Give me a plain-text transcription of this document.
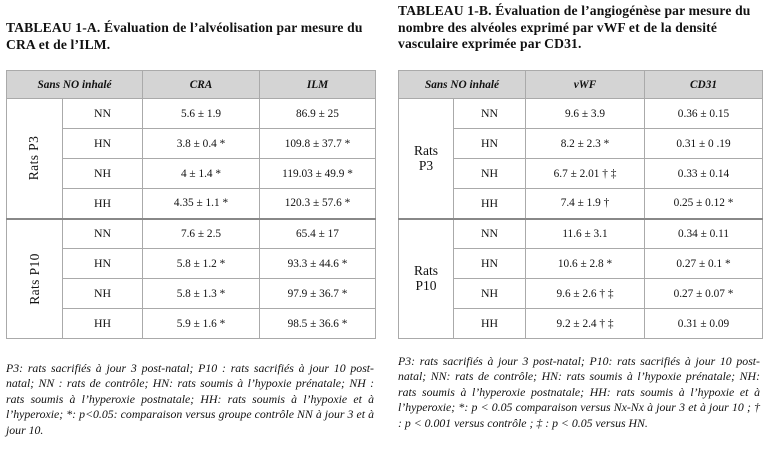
TABLEAU 1-A. Évaluation de l’alvéolisation par mesure du CRA et de l’ILM.

Sans NO inhalé		CRA	ILM
Rats P3	NN	5.6 ± 1.9	86.9 ± 25
	HN	3.8 ± 0.4 *	109.8 ± 37.7 *
	NH	4 ± 1.4 *	119.03 ± 49.9 *
	HH	4.35 ± 1.1 *	120.3 ± 57.6 *
Rats P10	NN	7.6 ± 2.5	65.4 ± 17
	HN	5.8 ± 1.2 *	93.3 ± 44.6 *
	NH	5.8 ± 1.3 *	97.9 ± 36.7 *
	HH	5.9 ± 1.6 *	98.5 ± 36.6 *

P3: rats sacrifiés à jour 3 post-natal; P10 : rats sacrifiés à jour 10 post-natal; NN : rats de contrôle; HN: rats soumis à l’hypoxie prénatale; NH : rats soumis à l’hyperoxie postnatale; HH: rats soumis à l’hypoxie et à l’hyperoxie; *: p<0.05: comparaison versus groupe contrôle NN à jour 3 et à jour 10.

TABLEAU 1-B. Évaluation de l’angiogénèse par mesure du nombre des alvéoles exprimé par vWF et de la densité vasculaire exprimée par CD31.

Sans NO inhalé		vWF	CD31
Rats
P3	NN	9.6 ± 3.9	0.36 ± 0.15
	HN	8.2 ± 2.3 *	0.31 ± 0 .19
	NH	6.7 ± 2.01 † ‡	0.33 ± 0.14
	HH	7.4 ± 1.9 †	0.25 ± 0.12 *
Rats
P10	NN	11.6 ± 3.1	0.34 ± 0.11
	HN	10.6 ± 2.8 *	0.27 ± 0.1 *
	NH	9.6 ± 2.6 † ‡	0.27 ± 0.07 *
	HH	9.2 ± 2.4 † ‡	0.31 ± 0.09

P3: rats sacrifiés à jour 3 post-natal; P10: rats sacrifiés à jour 10 post-natal; NN: rats de contrôle; HN: rats soumis à l’hypoxie prénatale; NH: rats soumis à l’hyperoxie postnatale; HH: rats soumis à l’hypoxie et à l’hyperoxie; *: p < 0.05 comparaison versus Nx-Nx à jour 3 et à jour 10 ; † : p < 0.001 versus contrôle ; ‡ : p < 0.05 versus HN.
